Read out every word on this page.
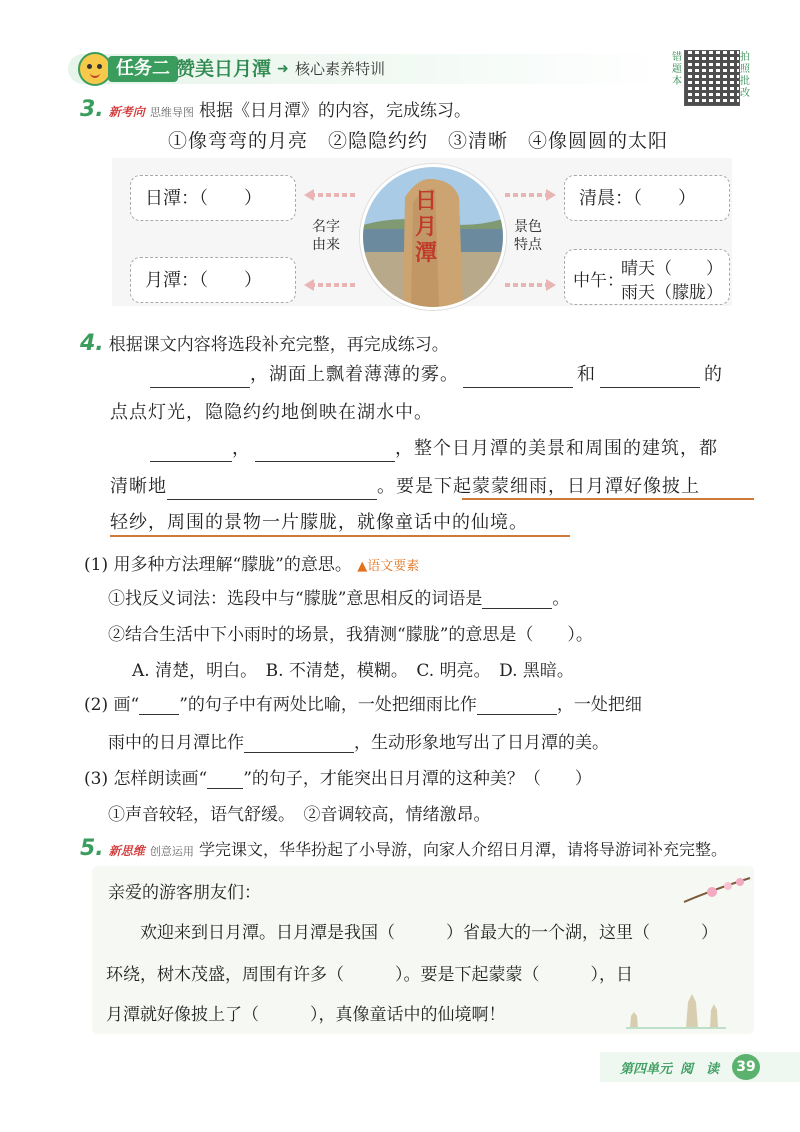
任务二 赞美日月潭 ➜ 核心素养特训
错题本
拍照批改
3. 新考向 思维导图 根据《日月潭》的内容，完成练习。
①像弯弯的月亮　②隐隐约约　③清晰　④像圆圆的太阳
日潭：（　　）
月潭：（　　）
名字
由来
日月潭
景色
特点
清晨：（　　）
中午：
晴天（　　）
雨天（朦胧）
4. 根据课文内容将选段补充完整，再完成练习。
，湖面上飘着薄薄的雾。	和	的
点点灯光，隐隐约约地倒映在湖水中。
，	，整个日月潭的美景和周围的建筑，都
清晰地	。要是下起蒙蒙细雨，日月潭好像披上
轻纱，周围的景物一片朦胧，就像童话中的仙境。
(1) 用多种方法理解“朦胧”的意思。 ▲语文要素
①找反义词法：选段中与“朦胧”意思相反的词语是	。
②结合生活中下小雨时的场景，我猜测“朦胧”的意思是（　　）。
A. 清楚，明白。　B. 不清楚，模糊。　C. 明亮。　D. 黑暗。
(2) 画“ ”的句子中有两处比喻，一处把细雨比作	，一处把细
雨中的日月潭比作	，生动形象地写出了日月潭的美。
(3) 怎样朗读画“ ”的句子，才能突出日月潭的这种美？（　　）
①声音较轻，语气舒缓。　②音调较高，情绪激昂。
5. 新思维 创意运用 学完课文，华华扮起了小导游，向家人介绍日月潭，请将导游词补充完整。
亲爱的游客朋友们：
欢迎来到日月潭。日月潭是我国（　　　）省最大的一个湖，这里（　　　）
环绕，树木茂盛，周围有许多（　　　）。要是下起蒙蒙（　　　），日
月潭就好像披上了（　　　），真像童话中的仙境啊！
第四单元 阅　读	39
